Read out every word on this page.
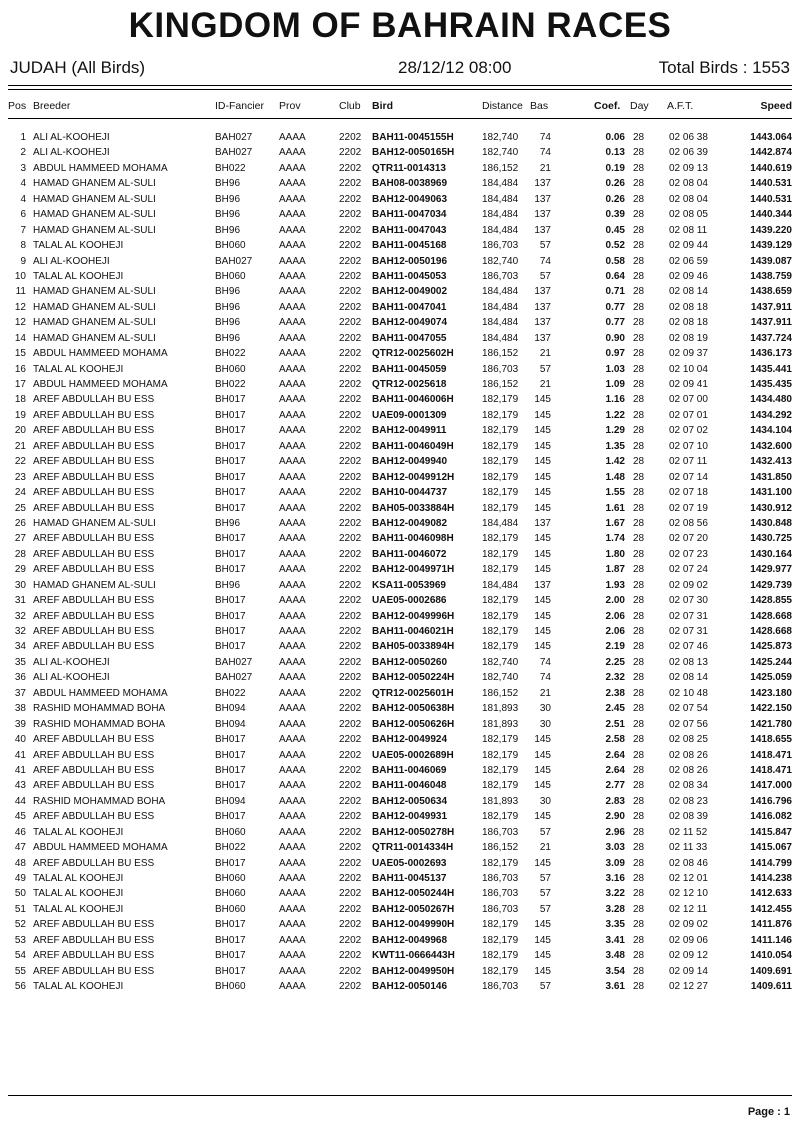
KINGDOM OF BAHRAIN RACES
JUDAH (All Birds)	28/12/12 08:00	Total Birds : 1553
Pos Breeder	ID-Fancier Prov	Club Bird	Distance Bas	Coef. Day A.F.T.	Speed
1 ALI AL-KOOHEJI	BAH027	AAAA	2202 BAH11-0045155H	182,740	74	0.06 28 02 06 38	1443.064
2 ALI AL-KOOHEJI	BAH027	AAAA	2202 BAH12-0050165H	182,740	74	0.13 28 02 06 39	1442.874
3 ABDUL HAMMEED MOHAMA	BH022	AAAA	2202 QTR11-0014313	186,152	21	0.19 28 02 09 13	1440.619
4 HAMAD GHANEM AL-SULI	BH96	AAAA	2202 BAH08-0038969	184,484	137	0.26 28 02 08 04	1440.531
4 HAMAD GHANEM AL-SULI	BH96	AAAA	2202 BAH12-0049063	184,484	137	0.26 28 02 08 04	1440.531
6 HAMAD GHANEM AL-SULI	BH96	AAAA	2202 BAH11-0047034	184,484	137	0.39 28 02 08 05	1440.344
7 HAMAD GHANEM AL-SULI	BH96	AAAA	2202 BAH11-0047043	184,484	137	0.45 28 02 08 11	1439.220
8 TALAL AL KOOHEJI	BH060	AAAA	2202 BAH11-0045168	186,703	57	0.52 28 02 09 44	1439.129
9 ALI AL-KOOHEJI	BAH027	AAAA	2202 BAH12-0050196	182,740	74	0.58 28 02 06 59	1439.087
10 TALAL AL KOOHEJI	BH060	AAAA	2202 BAH11-0045053	186,703	57	0.64 28 02 09 46	1438.759
11 HAMAD GHANEM AL-SULI	BH96	AAAA	2202 BAH12-0049002	184,484	137	0.71 28 02 08 14	1438.659
12 HAMAD GHANEM AL-SULI	BH96	AAAA	2202 BAH11-0047041	184,484	137	0.77 28 02 08 18	1437.911
12 HAMAD GHANEM AL-SULI	BH96	AAAA	2202 BAH12-0049074	184,484	137	0.77 28 02 08 18	1437.911
14 HAMAD GHANEM AL-SULI	BH96	AAAA	2202 BAH11-0047055	184,484	137	0.90 28 02 08 19	1437.724
15 ABDUL HAMMEED MOHAMA	BH022	AAAA	2202 QTR12-0025602H	186,152	21	0.97 28 02 09 37	1436.173
16 TALAL AL KOOHEJI	BH060	AAAA	2202 BAH11-0045059	186,703	57	1.03 28 02 10 04	1435.441
17 ABDUL HAMMEED MOHAMA	BH022	AAAA	2202 QTR12-0025618	186,152	21	1.09 28 02 09 41	1435.435
18 AREF ABDULLAH BU ESS	BH017	AAAA	2202 BAH11-0046006H	182,179	145	1.16 28 02 07 00	1434.480
19 AREF ABDULLAH BU ESS	BH017	AAAA	2202 UAE09-0001309	182,179	145	1.22 28 02 07 01	1434.292
20 AREF ABDULLAH BU ESS	BH017	AAAA	2202 BAH12-0049911	182,179	145	1.29 28 02 07 02	1434.104
21 AREF ABDULLAH BU ESS	BH017	AAAA	2202 BAH11-0046049H	182,179	145	1.35 28 02 07 10	1432.600
22 AREF ABDULLAH BU ESS	BH017	AAAA	2202 BAH12-0049940	182,179	145	1.42 28 02 07 11	1432.413
23 AREF ABDULLAH BU ESS	BH017	AAAA	2202 BAH12-0049912H	182,179	145	1.48 28 02 07 14	1431.850
24 AREF ABDULLAH BU ESS	BH017	AAAA	2202 BAH10-0044737	182,179	145	1.55 28 02 07 18	1431.100
25 AREF ABDULLAH BU ESS	BH017	AAAA	2202 BAH05-0033884H	182,179	145	1.61 28 02 07 19	1430.912
26 HAMAD GHANEM AL-SULI	BH96	AAAA	2202 BAH12-0049082	184,484	137	1.67 28 02 08 56	1430.848
27 AREF ABDULLAH BU ESS	BH017	AAAA	2202 BAH11-0046098H	182,179	145	1.74 28 02 07 20	1430.725
28 AREF ABDULLAH BU ESS	BH017	AAAA	2202 BAH11-0046072	182,179	145	1.80 28 02 07 23	1430.164
29 AREF ABDULLAH BU ESS	BH017	AAAA	2202 BAH12-0049971H	182,179	145	1.87 28 02 07 24	1429.977
30 HAMAD GHANEM AL-SULI	BH96	AAAA	2202 KSA11-0053969	184,484	137	1.93 28 02 09 02	1429.739
31 AREF ABDULLAH BU ESS	BH017	AAAA	2202 UAE05-0002686	182,179	145	2.00 28 02 07 30	1428.855
32 AREF ABDULLAH BU ESS	BH017	AAAA	2202 BAH12-0049996H	182,179	145	2.06 28 02 07 31	1428.668
32 AREF ABDULLAH BU ESS	BH017	AAAA	2202 BAH11-0046021H	182,179	145	2.06 28 02 07 31	1428.668
34 AREF ABDULLAH BU ESS	BH017	AAAA	2202 BAH05-0033894H	182,179	145	2.19 28 02 07 46	1425.873
35 ALI AL-KOOHEJI	BAH027	AAAA	2202 BAH12-0050260	182,740	74	2.25 28 02 08 13	1425.244
36 ALI AL-KOOHEJI	BAH027	AAAA	2202 BAH12-0050224H	182,740	74	2.32 28 02 08 14	1425.059
37 ABDUL HAMMEED MOHAMA	BH022	AAAA	2202 QTR12-0025601H	186,152	21	2.38 28 02 10 48	1423.180
38 RASHID MOHAMMAD BOHA	BH094	AAAA	2202 BAH12-0050638H	181,893	30	2.45 28 02 07 54	1422.150
39 RASHID MOHAMMAD BOHA	BH094	AAAA	2202 BAH12-0050626H	181,893	30	2.51 28 02 07 56	1421.780
40 AREF ABDULLAH BU ESS	BH017	AAAA	2202 BAH12-0049924	182,179	145	2.58 28 02 08 25	1418.655
41 AREF ABDULLAH BU ESS	BH017	AAAA	2202 UAE05-0002689H	182,179	145	2.64 28 02 08 26	1418.471
41 AREF ABDULLAH BU ESS	BH017	AAAA	2202 BAH11-0046069	182,179	145	2.64 28 02 08 26	1418.471
43 AREF ABDULLAH BU ESS	BH017	AAAA	2202 BAH11-0046048	182,179	145	2.77 28 02 08 34	1417.000
44 RASHID MOHAMMAD BOHA	BH094	AAAA	2202 BAH12-0050634	181,893	30	2.83 28 02 08 23	1416.796
45 AREF ABDULLAH BU ESS	BH017	AAAA	2202 BAH12-0049931	182,179	145	2.90 28 02 08 39	1416.082
46 TALAL AL KOOHEJI	BH060	AAAA	2202 BAH12-0050278H	186,703	57	2.96 28 02 11 52	1415.847
47 ABDUL HAMMEED MOHAMA	BH022	AAAA	2202 QTR11-0014334H	186,152	21	3.03 28 02 11 33	1415.067
48 AREF ABDULLAH BU ESS	BH017	AAAA	2202 UAE05-0002693	182,179	145	3.09 28 02 08 46	1414.799
49 TALAL AL KOOHEJI	BH060	AAAA	2202 BAH11-0045137	186,703	57	3.16 28 02 12 01	1414.238
50 TALAL AL KOOHEJI	BH060	AAAA	2202 BAH12-0050244H	186,703	57	3.22 28 02 12 10	1412.633
51 TALAL AL KOOHEJI	BH060	AAAA	2202 BAH12-0050267H	186,703	57	3.28 28 02 12 11	1412.455
52 AREF ABDULLAH BU ESS	BH017	AAAA	2202 BAH12-0049990H	182,179	145	3.35 28 02 09 02	1411.876
53 AREF ABDULLAH BU ESS	BH017	AAAA	2202 BAH12-0049968	182,179	145	3.41 28 02 09 06	1411.146
54 AREF ABDULLAH BU ESS	BH017	AAAA	2202 KWT11-0666443H	182,179	145	3.48 28 02 09 12	1410.054
55 AREF ABDULLAH BU ESS	BH017	AAAA	2202 BAH12-0049950H	182,179	145	3.54 28 02 09 14	1409.691
56 TALAL AL KOOHEJI	BH060	AAAA	2202 BAH12-0050146	186,703	57	3.61 28 02 12 27	1409.611
Page : 1
